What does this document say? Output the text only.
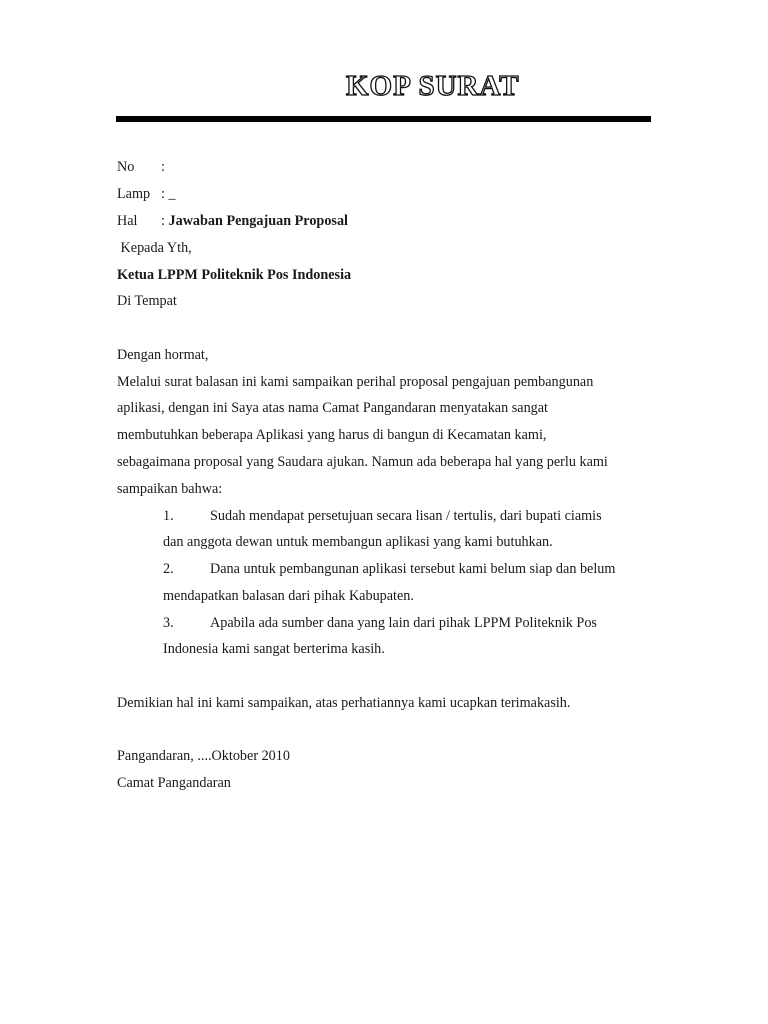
KOP SURAT
No :
Lamp : _
Hal : Jawaban Pengajuan Proposal
Kepada Yth,
Ketua LPPM Politeknik Pos Indonesia
Di Tempat
Dengan hormat,
Melalui surat balasan ini kami sampaikan perihal proposal pengajuan pembangunan
aplikasi, dengan ini Saya atas nama Camat Pangandaran menyatakan sangat
membutuhkan beberapa Aplikasi yang harus di bangun di Kecamatan kami,
sebagaimana proposal yang Saudara ajukan. Namun ada beberapa hal yang perlu kami
sampaikan bahwa:
1.	Sudah mendapat persetujuan secara lisan / tertulis, dari bupati ciamis
dan anggota dewan untuk membangun aplikasi yang kami butuhkan.
2.	Dana untuk pembangunan aplikasi tersebut kami belum siap dan belum
mendapatkan balasan dari pihak Kabupaten.
3.	Apabila ada sumber dana yang lain dari pihak LPPM Politeknik Pos
Indonesia kami sangat berterima kasih.
Demikian hal ini kami sampaikan, atas perhatiannya kami ucapkan terimakasih.
Pangandaran, ....Oktober 2010
Camat Pangandaran
